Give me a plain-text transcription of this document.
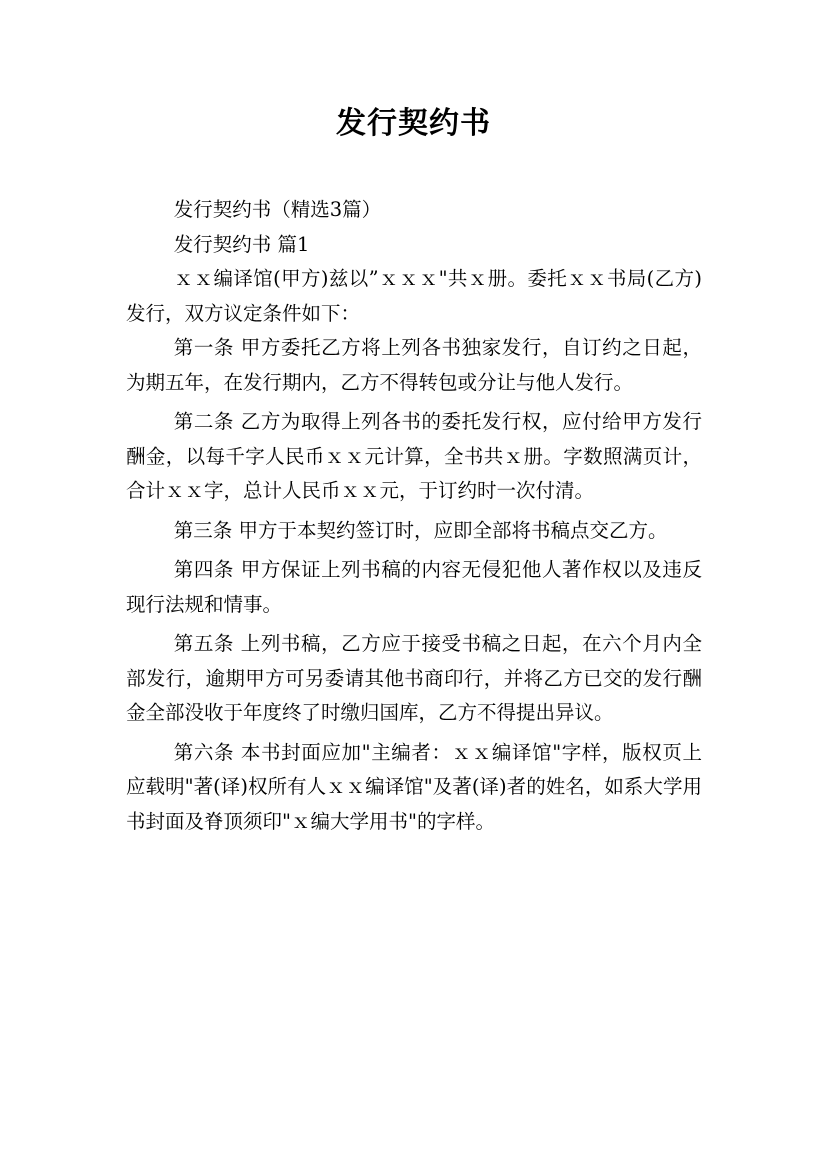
发行契约书

发行契约书（精选3篇）

发行契约书 篇1

ｘｘ编译馆(甲方)兹以”ｘｘｘ"共ｘ册。委托ｘｘ书局(乙方)发行，双方议定条件如下：

第一条 甲方委托乙方将上列各书独家发行，自订约之日起，为期五年，在发行期内，乙方不得转包或分让与他人发行。

第二条 乙方为取得上列各书的委托发行权，应付给甲方发行酬金，以每千字人民币ｘｘ元计算，全书共ｘ册。字数照满页计，合计ｘｘ字，总计人民币ｘｘ元，于订约时一次付清。

第三条 甲方于本契约签订时，应即全部将书稿点交乙方。

第四条 甲方保证上列书稿的内容无侵犯他人著作权以及违反现行法规和情事。

第五条 上列书稿，乙方应于接受书稿之日起，在六个月内全部发行，逾期甲方可另委请其他书商印行，并将乙方已交的发行酬金全部没收于年度终了时缴归国库，乙方不得提出异议。

第六条 本书封面应加"主编者：ｘｘ编译馆"字样，版权页上应载明"著(译)权所有人ｘｘ编译馆"及著(译)者的姓名，如系大学用书封面及脊顶须印"ｘ编大学用书"的字样。
